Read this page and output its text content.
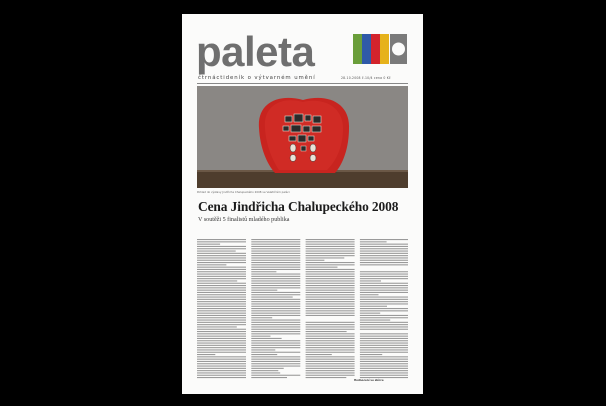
paleta
čtrnáctideník o výtvarném umění	28.10.2008 č.10/4 cena 0 Kč
Pohled do výstavy Jindřicha Chalupeckého 2008 ve Veletržním paláci
Cena Jindřicha Chalupeckého 2008
V soutěži 5 finalistů mladého publika
Hodnocení ve sbírce
